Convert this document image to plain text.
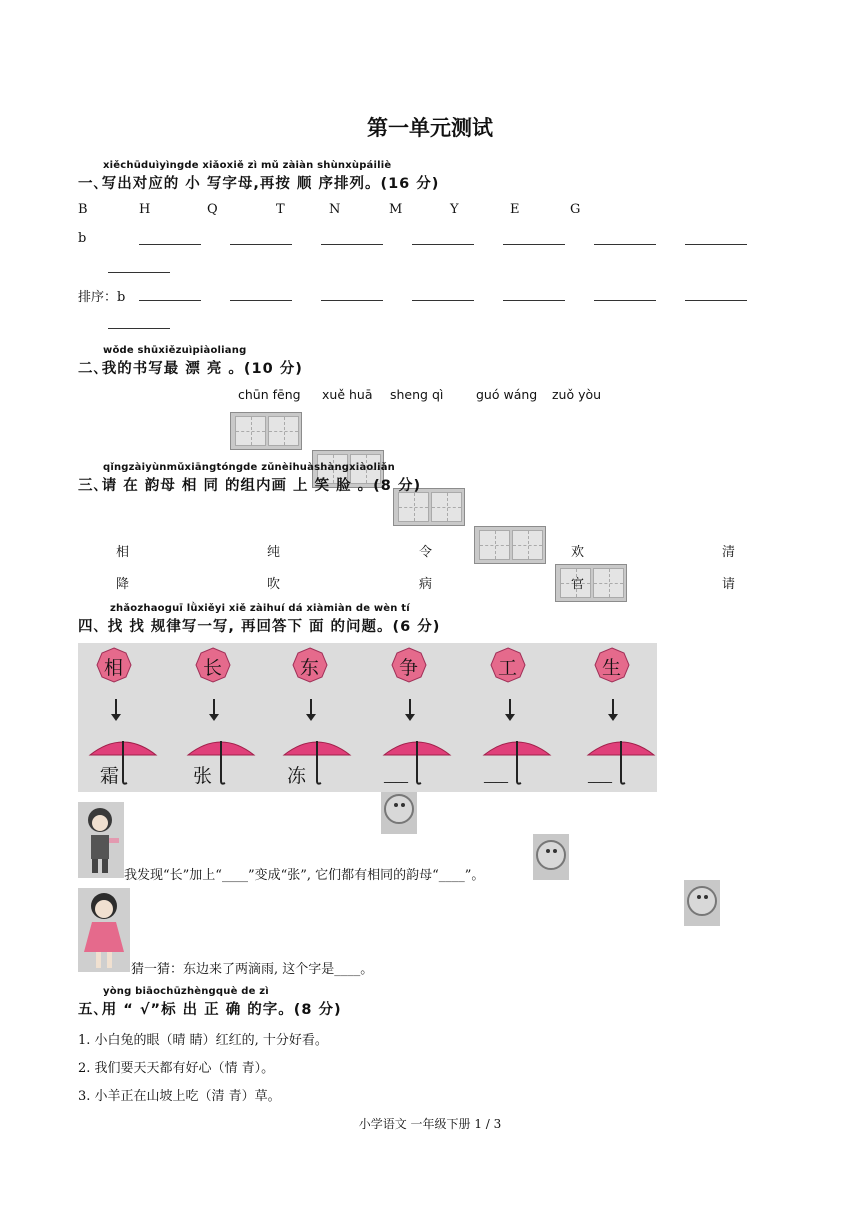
第一单元测试
xiěchūduìyìngde xiǎoxiě zì mǔ zàiàn shùnxùpáiliè
一､写出对应的 小 写字母,再按 顺 序排列。(16 分)
B	H	Q	T	N	M	Y	E	G
b
排序：b
wǒde shūxiězuìpiàoliang
二､我的书写最 漂 亮 。(10 分)
chūn fēng xuě huā sheng qì	guó wáng zuǒ yòu
qǐngzàiyùnmǔxiāngtóngde zǔnèihuàshàngxiàoliǎn
三､请 在 韵母 相 同 的组内画 上 笑 脸 。(8 分)
相	纯	令	欢	清
降	吹	病	官	请
zhǎozhaoguī lǜxiěyi xiě zàihuí dá xiàmiàn de wèn tí
四､ 找 找 规律写一写, 再回答下 面 的问题。(6 分)
相	长	东	争	工	生
霜	张	冻	____	____	____
我发现“长”加上“____”变成“张”, 它们都有相同的韵母“____”。
猜一猜：东边来了两滴雨, 这个字是____。
yòng biāochūzhèngquè de zì
五､用 “ √”标 出 正 确 的字。(8 分)
1. 小白兔的眼（晴 睛）红红的, 十分好看。
2. 我们要天天都有好心（情 青）。
3. 小羊正在山坡上吃（清 青）草。
小学语文 一年级下册 1 / 3
